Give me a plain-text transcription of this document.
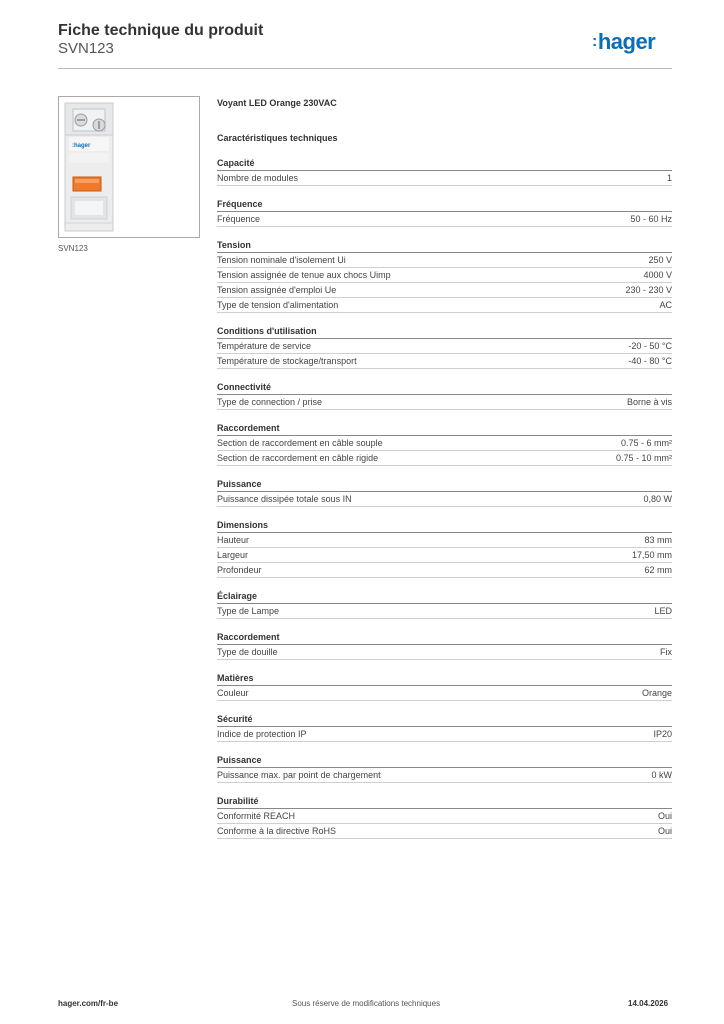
Fiche technique du produit
SVN123	:hager
:hager
SVN123
Voyant LED Orange 230VAC
Caractéristiques techniques
Capacité
Nombre de modules	1
Fréquence
Fréquence	50 - 60 Hz
Tension
Tension nominale d'isolement Ui	250 V
Tension assignée de tenue aux chocs Uimp	4000 V
Tension assignée d'emploi Ue	230 - 230 V
Type de tension d'alimentation	AC
Conditions d'utilisation
Température de service	-20 - 50 °C
Température de stockage/transport	-40 - 80 °C
Connectivité
Type de connection / prise	Borne à vis
Raccordement
Section de raccordement en câble souple	0.75 - 6 mm²
Section de raccordement en câble rigide	0.75 - 10 mm²
Puissance
Puissance dissipée totale sous IN	0,80 W
Dimensions
Hauteur	83 mm
Largeur	17,50 mm
Profondeur	62 mm
Éclairage
Type de Lampe	LED
Raccordement
Type de douille	Fix
Matières
Couleur	Orange
Sécurité
Indice de protection IP	IP20
Puissance
Puissance max. par point de chargement	0 kW
Durabilité
Conformité REACH	Oui
Conforme à la directive RoHS	Oui
hager.com/fr-be	Sous réserve de modifications techniques	14.04.2026
